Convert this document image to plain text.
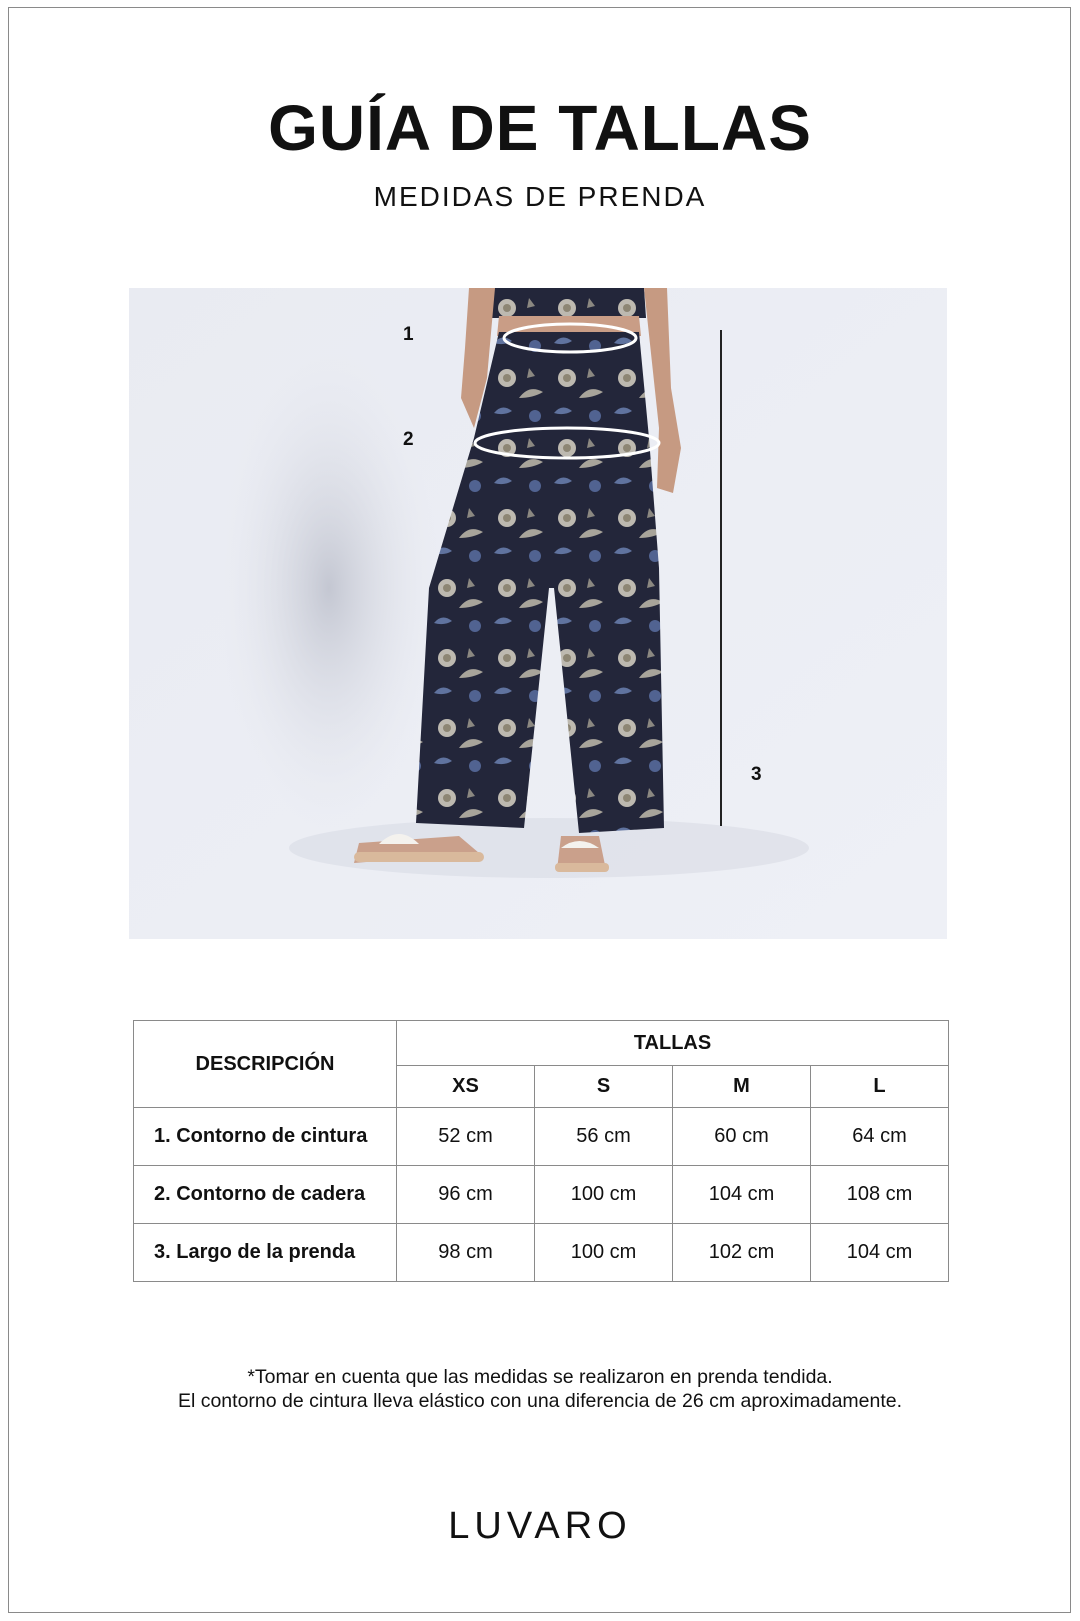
GUÍA DE TALLAS
MEDIDAS DE PRENDA
1
2
3
DESCRIPCIÓN	TALLAS			
	XS	S	M	L
1. Contorno de cintura	52 cm	56 cm	60 cm	64 cm
2. Contorno de cadera	96 cm	100 cm	104 cm	108 cm
3. Largo de la prenda	98 cm	100 cm	102 cm	104 cm
*Tomar en cuenta que las medidas se realizaron en prenda tendida.
El contorno de cintura lleva elástico con una diferencia de 26 cm aproximadamente.
LUVARO
